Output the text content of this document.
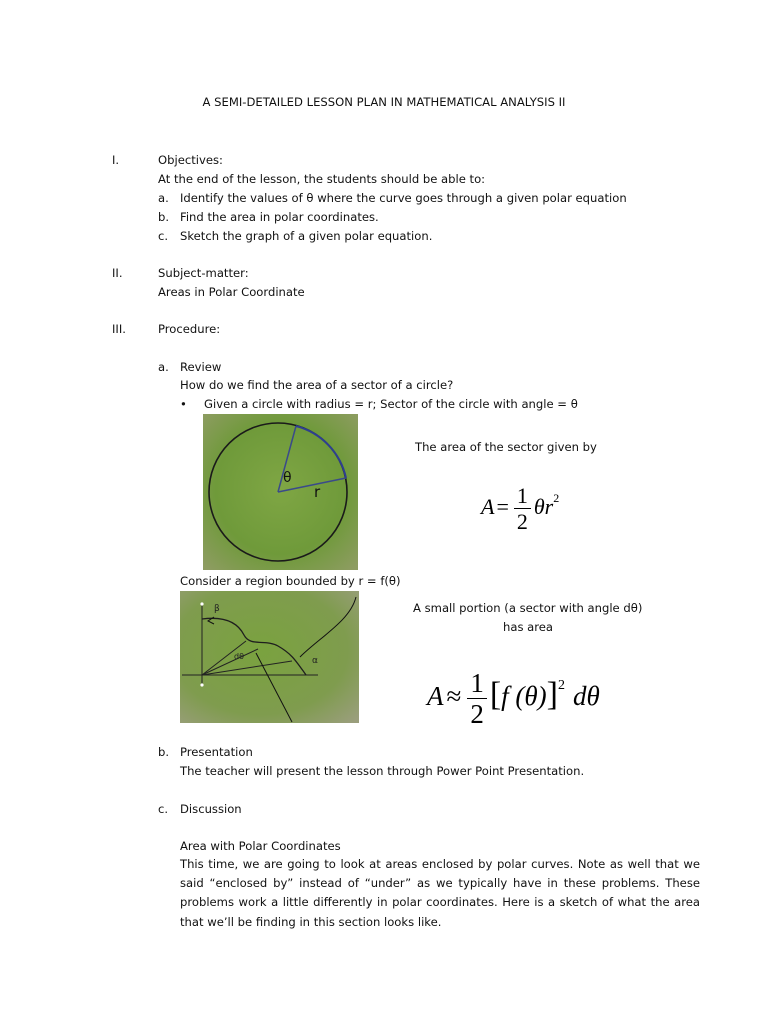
A SEMI-DETAILED LESSON PLAN IN MATHEMATICAL ANALYSIS II
I.	Objectives:
At the end of the lesson, the students should be able to:
a. Identify the values of θ where the curve goes through a given polar equation
b. Find the area in polar coordinates.
c. Sketch the graph of a given polar equation.
II.	Subject-matter:
Areas in Polar Coordinate
III.	Procedure:
a. Review
How do we find the area of a sector of a circle?
• Given a circle with radius = r; Sector of the circle with angle = θ
θ
r
The area of the sector given by
$A= \frac{1}{2} \theta r^2$
Consider a region bounded by r = f(θ)
β
dθ	α
A small portion (a sector with angle dθ)
has area
$A \approx \frac{1}{2} [f$ (θ)]$^2$ dθ
b. Presentation
The teacher will present the lesson through Power Point Presentation.
c. Discussion
Area with Polar Coordinates
This time, we are going to look at areas enclosed by polar curves. Note as well that we said “enclosed by” instead of “under” as we typically have in these problems. These problems work a little differently in polar coordinates. Here is a sketch of what the area that we’ll be finding in this section looks like.
